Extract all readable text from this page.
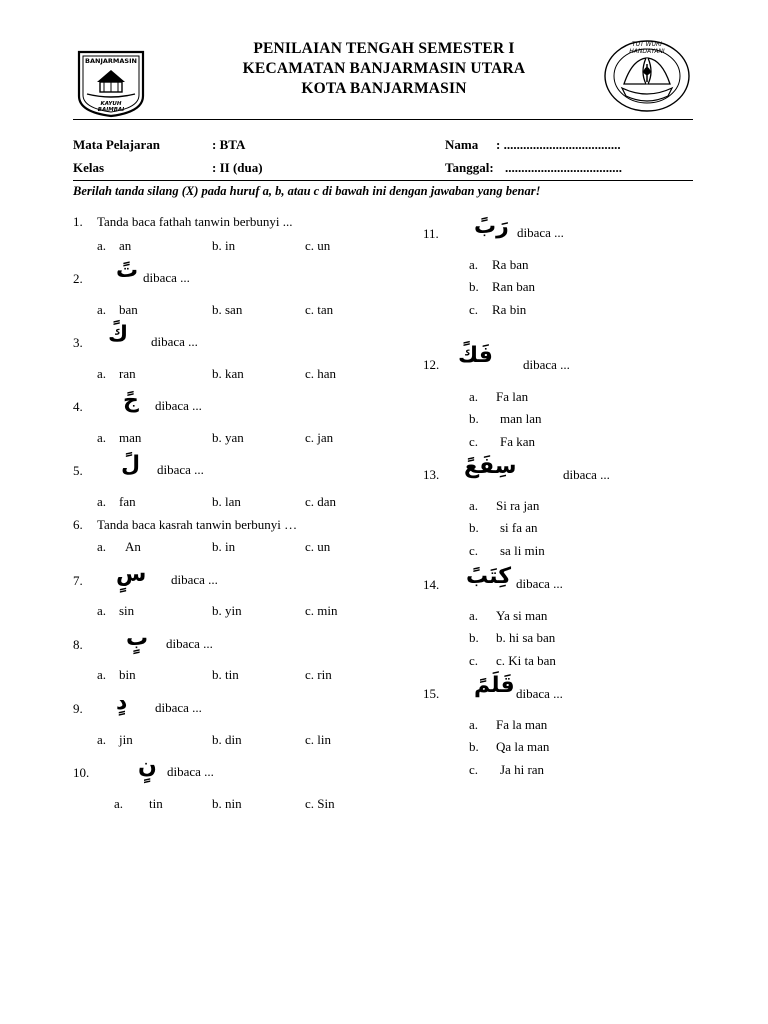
BANJARMASIN
KAYUH BAIMBAI
PENILAIAN TENGAH SEMESTER I
KECAMATAN BANJARMASIN UTARA
KOTA BANJARMASIN
TUT WURI HANDAYANI
Mata Pelajaran	: BTA
Kelas	: II (dua)
Nama : ....................................
Tanggal: ....................................
Berilah tanda silang (X) pada huruf a, b, atau c di bawah ini dengan jawaban yang benar!
1. Tanda baca fathah tanwin berbunyi ...
a. an	b. in	c. un
2. تً dibaca ...
a. ban	b. san	c. tan
3. كً dibaca ...
a. ran	b. kan	c. han
4. جً dibaca ...
a. man	b. yan	c. jan
5. لً dibaca ...
a. fan	b. lan	c. dan
6. Tanda baca kasrah tanwin berbunyi …
a. An	b. in	c. un
7. سٍ dibaca ...
a. sin	b. yin	c. min
8. بٍ dibaca ...
a. bin	b. tin	c. rin
9. دٍ dibaca ...
a. jin	b. din	c. lin
10. نٍ dibaca ...
a. tin	b. nin	c. Sin
11. رَبً dibaca ...
a. Ra ban
b. Ran ban
c. Ra bin
12. فَكً dibaca ...
a. Fa lan
b. man lan
c. Fa kan
13. سِفَعً	dibaca ...
a. Si ra jan
b. si fa an
c. sa li min
14. كِتَبً dibaca ...
a. Ya si man
b. b. hi sa ban
c. c. Ki ta ban
15. قَلَمً dibaca ...
a. Fa la man
b. Qa la man
c. Ja hi ran
